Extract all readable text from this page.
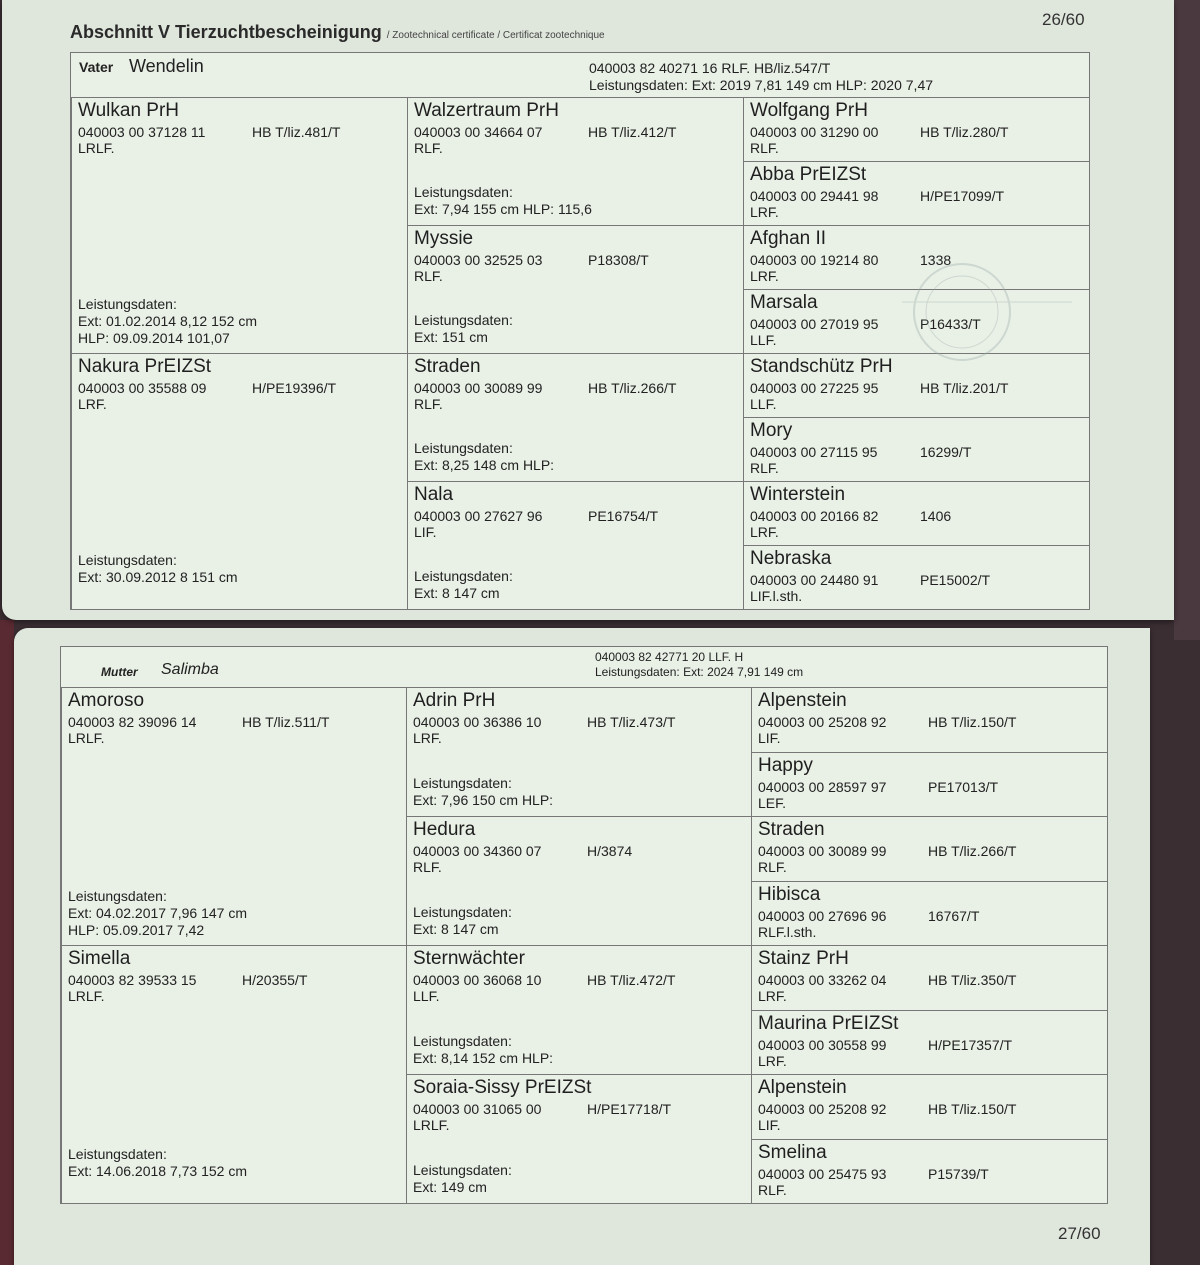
26/60
Abschnitt V Tierzuchtbescheinigung / Zootechnical certificate / Certificat zootechnique
Vater Wendelin	040003 82 40271 16 RLF. HB/liz.547/T
Leistungsdaten: Ext: 2019 7,81 149 cm HLP: 2020 7,47
Wulkan PrH
040003 00 37128 11	HB T/liz.481/T
LRLF.
Leistungsdaten:
Ext: 01.02.2014 8,12 152 cm
HLP: 09.09.2014 101,07
Nakura PrEIZSt
040003 00 35588 09	H/PE19396/T
LRF.
Leistungsdaten:
Ext: 30.09.2012 8 151 cm
Walzertraum PrH
040003 00 34664 07	HB T/liz.412/T
RLF.
Leistungsdaten:
Ext: 7,94 155 cm HLP: 115,6
Myssie
040003 00 32525 03	P18308/T
RLF.
Leistungsdaten:
Ext: 151 cm
Straden
040003 00 30089 99	HB T/liz.266/T
RLF.
Leistungsdaten:
Ext: 8,25 148 cm HLP:
Nala
040003 00 27627 96	PE16754/T
LIF.
Leistungsdaten:
Ext: 8 147 cm
Wolfgang PrH
040003 00 31290 00	HB T/liz.280/T
RLF.
Abba PrEIZSt
040003 00 29441 98	H/PE17099/T
LRF.
Afghan II
040003 00 19214 80	1338
LRF.
Marsala
040003 00 27019 95	P16433/T
LLF.
Standschütz PrH
040003 00 27225 95	HB T/liz.201/T
LLF.
Mory
040003 00 27115 95	16299/T
RLF.
Winterstein
040003 00 20166 82	1406
LRF.
Nebraska
040003 00 24480 91	PE15002/T
LIF.l.sth.
27/60
Mutter Salimba
040003 82 42771 20 LLF. H
Leistungsdaten: Ext: 2024 7,91 149 cm
Amoroso
040003 82 39096 14	HB T/liz.511/T
LRLF.
Leistungsdaten:
Ext: 04.02.2017 7,96 147 cm
HLP: 05.09.2017 7,42
Simella
040003 82 39533 15	H/20355/T
LRLF.
Leistungsdaten:
Ext: 14.06.2018 7,73 152 cm
Adrin PrH
040003 00 36386 10	HB T/liz.473/T
LRF.
Leistungsdaten:
Ext: 7,96 150 cm HLP:
Hedura
040003 00 34360 07	H/3874
RLF.
Leistungsdaten:
Ext: 8 147 cm
Sternwächter
040003 00 36068 10	HB T/liz.472/T
LLF.
Leistungsdaten:
Ext: 8,14 152 cm HLP:
Soraia-Sissy PrEIZSt
040003 00 31065 00	H/PE17718/T
LRLF.
Leistungsdaten:
Ext: 149 cm
Alpenstein
040003 00 25208 92	HB T/liz.150/T
LIF.
Happy
040003 00 28597 97	PE17013/T
LEF.
Straden
040003 00 30089 99	HB T/liz.266/T
RLF.
Hibisca
040003 00 27696 96	16767/T
RLF.l.sth.
Stainz PrH
040003 00 33262 04	HB T/liz.350/T
LRF.
Maurina PrEIZSt
040003 00 30558 99	H/PE17357/T
LRF.
Alpenstein
040003 00 25208 92	HB T/liz.150/T
LIF.
Smelina
040003 00 25475 93	P15739/T
RLF.
